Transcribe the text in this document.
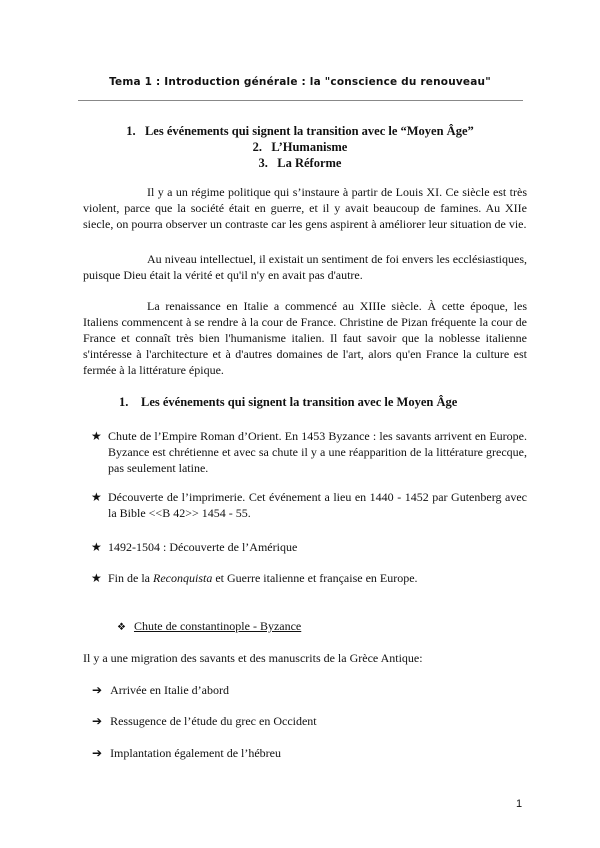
Tema 1 : Introduction générale : la "conscience du renouveau"
1. Les événements qui signent la transition avec le “Moyen Âge”
2. L’Humanisme
3. La Réforme
Il y a un régime politique qui s’instaure à partir de Louis XI. Ce siècle est très violent, parce que la société était en guerre, et il y avait beaucoup de famines. Au XIIe siecle, on pourra observer un contraste car les gens aspirent à améliorer leur situation de vie.
Au niveau intellectuel, il existait un sentiment de foi envers les ecclésiastiques, puisque Dieu était la vérité et qu'il n'y en avait pas d'autre.
La renaissance en Italie a commencé au XIIIe siècle. À cette époque, les Italiens commencent à se rendre à la cour de France. Christine de Pizan fréquente la cour de France et connaît très bien l'humanisme italien. Il faut savoir que la noblesse italienne s'intéresse à l'architecture et à d'autres domaines de l'art, alors qu'en France la culture est fermée à la littérature épique.
1. Les événements qui signent la transition avec le Moyen Âge
★ Chute de l’Empire Roman d’Orient. En 1453 Byzance : les savants arrivent en Europe. Byzance est chrétienne et avec sa chute il y a une réapparition de la littérature grecque, pas seulement latine.
★ Découverte de l’imprimerie. Cet événement a lieu en 1440 - 1452 par Gutenberg avec la Bible <<B 42>> 1454 - 55.
★ 1492-1504 : Découverte de l’Amérique
★ Fin de la Reconquista et Guerre italienne et française en Europe.
❖ Chute de constantinople - Byzance
Il y a une migration des savants et des manuscrits de la Grèce Antique:
➔ Arrivée en Italie d’abord
➔ Ressugence de l’étude du grec en Occident
➔ Implantation également de l’hébreu
1
